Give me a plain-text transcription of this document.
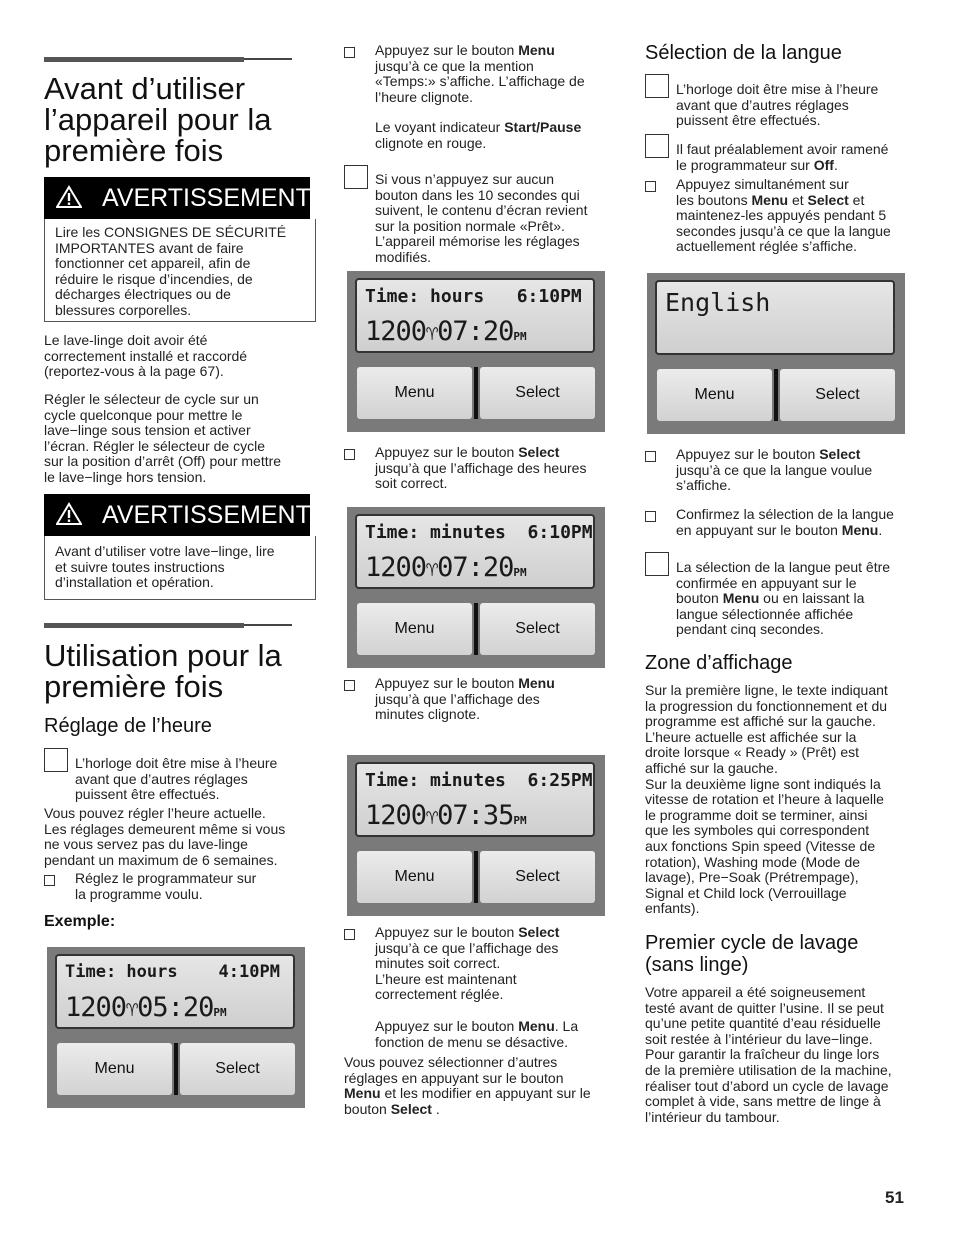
Avant d’utiliser
l’appareil pour la
première fois
AVERTISSEMENT
Lire les CONSIGNES DE SÉCURITÉ
IMPORTANTES avant de faire
fonctionner cet appareil, afin de
réduire le risque d’incendies, de
décharges électriques ou de
blessures corporelles.
Le lave‑linge doit avoir été
correctement installé et raccordé
(reportez‑vous à la page 67).
Régler le sélecteur de cycle sur un
cycle quelconque pour mettre le
lave−linge sous tension et activer
l’écran. Régler le sélecteur de cycle
sur la position d’arrêt (Off) pour mettre
le lave−linge hors tension.
AVERTISSEMENT
Avant d’utiliser votre lave−linge, lire
et suivre toutes instructions
d’installation et opération.
Utilisation pour la
première fois
Réglage de l’heure
L’horloge doit être mise à l’heure
avant que d’autres réglages
puissent être effectués.
Vous pouvez régler l’heure actuelle.
Les réglages demeurent même si vous
ne vous servez pas du lave‑linge
pendant un maximum de 6 semaines.
Réglez le programmateur sur
la programme voulu.
Exemple:
Time: hours    4:10PM
1200♈05:20PM
Menu	Select
Appuyez sur le bouton Menu
jusqu’à ce que la mention
«Temps:» s’affiche. L’affichage de
l’heure clignote.
Le voyant indicateur Start/Pause
clignote en rouge.
Si vous n’appuyez sur aucun
bouton dans les 10 secondes qui
suivent, le contenu d’écran revient
sur la position normale «Prêt».
L’appareil mémorise les réglages
modifiés.
Time: hours   6:10PM
1200♈07:20PM
Menu	Select
Appuyez sur le bouton Select
jusqu’à que l’affichage des heures
soit correct.
Time: minutes  6:10PM
1200♈07:20PM
Menu	Select
Appuyez sur le bouton Menu
jusqu’à que l’affichage des
minutes clignote.
Time: minutes  6:25PM
1200♈07:35PM
Menu	Select
Appuyez sur le bouton Select
jusqu’à ce que l’affichage des
minutes soit correct.
L’heure est maintenant
correctement réglée.
Appuyez sur le bouton Menu. La
fonction de menu se désactive.
Vous pouvez sélectionner d’autres
réglages en appuyant sur le bouton
Menu et les modifier en appuyant sur le
bouton Select .
Sélection de la langue
L’horloge doit être mise à l’heure
avant que d’autres réglages
puissent être effectués.
Il faut préalablement avoir ramené
le programmateur sur Off.
Appuyez simultanément sur
les boutons Menu et Select et
maintenez‑les appuyés pendant 5
secondes jusqu’à ce que la langue
actuellement réglée s’affiche.
English
Menu	Select
Appuyez sur le bouton Select
jusqu’à ce que la langue voulue
s’affiche.
Confirmez la sélection de la langue
en appuyant sur le bouton Menu.
La sélection de la langue peut être
confirmée en appuyant sur le
bouton Menu ou en laissant la
langue sélectionnée affichée
pendant cinq secondes.
Zone d’affichage
Sur la première ligne, le texte indiquant
la progression du fonctionnement et du
programme est affiché sur la gauche.
L’heure actuelle est affichée sur la
droite lorsque « Ready » (Prêt) est
affiché sur la gauche.
Sur la deuxième ligne sont indiqués la
vitesse de rotation et l’heure à laquelle
le programme doit se terminer, ainsi
que les symboles qui correspondent
aux fonctions Spin speed (Vitesse de
rotation), Washing mode (Mode de
lavage), Pre−Soak (Prétrempage),
Signal et Child lock (Verrouillage
enfants).
Premier cycle de lavage
(sans linge)
Votre appareil a été soigneusement
testé avant de quitter l’usine. Il se peut
qu’une petite quantité d’eau résiduelle
soit restée à l’intérieur du lave−linge.
Pour garantir la fraîcheur du linge lors
de la première utilisation de la machine,
réaliser tout d’abord un cycle de lavage
complet à vide, sans mettre de linge à
l’intérieur du tambour.
51
